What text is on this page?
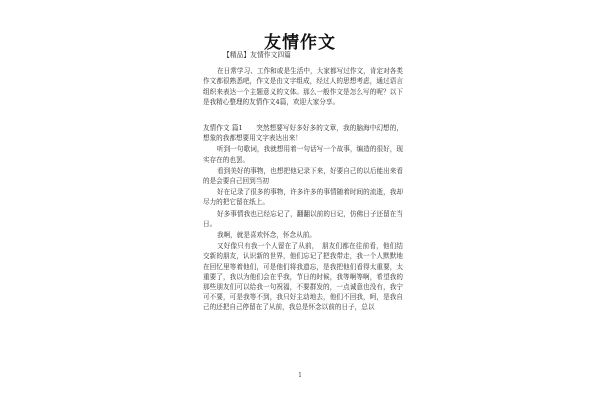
友情作文

【精品】友情作文四篇

在日常学习、工作和或是生活中，大家都写过作文，肯定对各类作文都很熟悉吧，作文是由文字组成，经过人的思想考虑，通过语言组织来表达一个主题意义的文体。那么一般作文是怎么写的呢？以下是我精心整理的友情作文4篇，欢迎大家分享。

友情作文 篇1　　突然想要写好多好多的文章，我的脑海中幻想的，想象的我都想要用文字表达出来！

听到一句歌词，我就想用着一句话写一个故事，编造的很好，现实存在的也罢。

看到美好的事物，也想把他记录下来，好要自己的以后能出来看的是会要自己回到当初

好在记录了很多的事物，许多许多的事情随着时间的流逝，我却尽力的把它留在纸上。

好多事情我也已经忘记了，翻翻以前的日记，仿佛日子还留在当日。

我啊，就是喜欢怀念，怀念从前。

又好像只有我一个人留在了从前，　朋友们都在往前看，他们结交新的朋友，认识新的世界，他们忘记了把我带走，我一个人默默地在回忆里等着他们，可是他们将我遗忘，是我把他们看得太重要，太重要了，我以为他们会在乎我，节日的时候，我等啊等啊，希望我的那些朋友们可以给我一句祝福，不要群发的，一点诚意也没有，我宁可不要，可是我等不到，我只好主动地去，他们不回我，呵，是我自己的还把自己停留在了从前，我总是怀念以前的日子，总以

1
